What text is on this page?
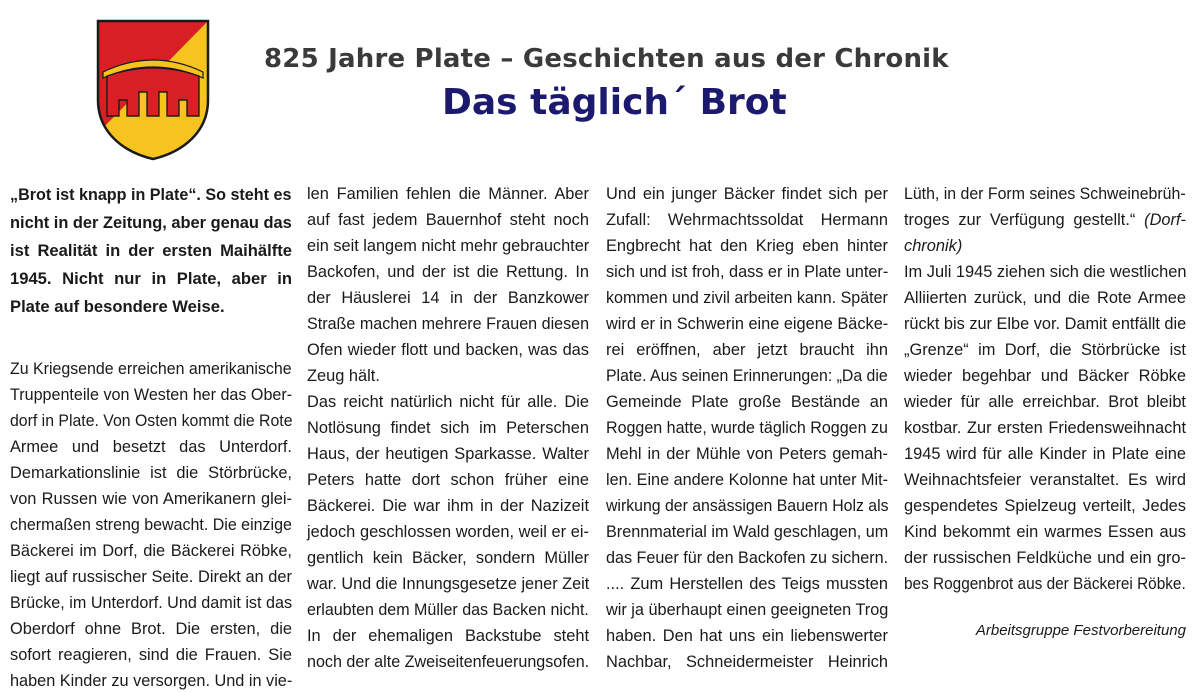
825 Jahre Plate – Geschichten aus der Chronik
Das täglich´ Brot
„Brot ist knapp in Plate“. So steht es
nicht in der Zeitung, aber genau das
ist Realität in der ersten Maihälfte
1945. Nicht nur in Plate, aber in
Plate auf besondere Weise.
Zu Kriegsende erreichen amerikanische
Truppenteile von Westen her das Ober-
dorf in Plate. Von Osten kommt die Rote
Armee und besetzt das Unterdorf.
Demarkationslinie ist die Störbrücke,
von Russen wie von Amerikanern glei-
chermaßen streng bewacht. Die einzige
Bäckerei im Dorf, die Bäckerei Röbke,
liegt auf russischer Seite. Direkt an der
Brücke, im Unterdorf. Und damit ist das
Oberdorf ohne Brot. Die ersten, die
sofort reagieren, sind die Frauen. Sie
haben Kinder zu versorgen. Und in vie-
len Familien fehlen die Männer. Aber
auf fast jedem Bauernhof steht noch
ein seit langem nicht mehr gebrauchter
Backofen, und der ist die Rettung. In
der Häuslerei 14 in der Banzkower
Straße machen mehrere Frauen diesen
Ofen wieder flott und backen, was das
Zeug hält.
Das reicht natürlich nicht für alle. Die
Notlösung findet sich im Peterschen
Haus, der heutigen Sparkasse. Walter
Peters hatte dort schon früher eine
Bäckerei. Die war ihm in der Nazizeit
jedoch geschlossen worden, weil er ei-
gentlich kein Bäcker, sondern Müller
war. Und die Innungsgesetze jener Zeit
erlaubten dem Müller das Backen nicht.
In der ehemaligen Backstube steht
noch der alte Zweiseitenfeuerungsofen.
Und ein junger Bäcker findet sich per
Zufall: Wehrmachtssoldat Hermann
Engbrecht hat den Krieg eben hinter
sich und ist froh, dass er in Plate unter-
kommen und zivil arbeiten kann. Später
wird er in Schwerin eine eigene Bäcke-
rei eröffnen, aber jetzt braucht ihn
Plate. Aus seinen Erinnerungen: „Da die
Gemeinde Plate große Bestände an
Roggen hatte, wurde täglich Roggen zu
Mehl in der Mühle von Peters gemah-
len. Eine andere Kolonne hat unter Mit-
wirkung der ansässigen Bauern Holz als
Brennmaterial im Wald geschlagen, um
das Feuer für den Backofen zu sichern.
.... Zum Herstellen des Teigs mussten
wir ja überhaupt einen geeigneten Trog
haben. Den hat uns ein liebenswerter
Nachbar, Schneidermeister Heinrich
Lüth, in der Form seines Schweinebrüh-
troges zur Verfügung gestellt.“ (Dorf-
chronik)
Im Juli 1945 ziehen sich die westlichen
Alliierten zurück, und die Rote Armee
rückt bis zur Elbe vor. Damit entfällt die
„Grenze“ im Dorf, die Störbrücke ist
wieder begehbar und Bäcker Röbke
wieder für alle erreichbar. Brot bleibt
kostbar. Zur ersten Friedensweihnacht
1945 wird für alle Kinder in Plate eine
Weihnachtsfeier veranstaltet. Es wird
gespendetes Spielzeug verteilt, Jedes
Kind bekommt ein warmes Essen aus
der russischen Feldküche und ein gro-
bes Roggenbrot aus der Bäckerei Röbke.
Arbeitsgruppe Festvorbereitung
